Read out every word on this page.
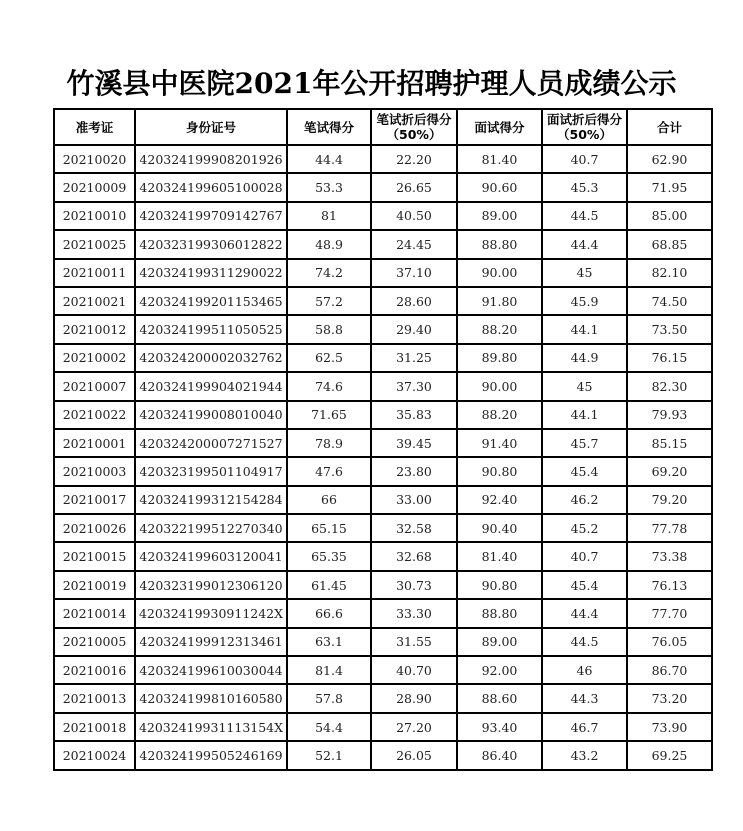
竹溪县中医院2021年公开招聘护理人员成绩公示
准考证	身份证号	笔试得分	笔试折后得分（50%）	面试得分	面试折后得分（50%）	合计
20210020	420324199908201926	44.4	22.20	81.40	40.7	62.90
20210009	420324199605100028	53.3	26.65	90.60	45.3	71.95
20210010	420324199709142767	81	40.50	89.00	44.5	85.00
20210025	420323199306012822	48.9	24.45	88.80	44.4	68.85
20210011	420324199311290022	74.2	37.10	90.00	45	82.10
20210021	420324199201153465	57.2	28.60	91.80	45.9	74.50
20210012	420324199511050525	58.8	29.40	88.20	44.1	73.50
20210002	420324200002032762	62.5	31.25	89.80	44.9	76.15
20210007	420324199904021944	74.6	37.30	90.00	45	82.30
20210022	420324199008010040	71.65	35.83	88.20	44.1	79.93
20210001	420324200007271527	78.9	39.45	91.40	45.7	85.15
20210003	420323199501104917	47.6	23.80	90.80	45.4	69.20
20210017	420324199312154284	66	33.00	92.40	46.2	79.20
20210026	420322199512270340	65.15	32.58	90.40	45.2	77.78
20210015	420324199603120041	65.35	32.68	81.40	40.7	73.38
20210019	420323199012306120	61.45	30.73	90.80	45.4	76.13
20210014	42032419930911242X	66.6	33.30	88.80	44.4	77.70
20210005	420324199912313461	63.1	31.55	89.00	44.5	76.05
20210016	420324199610030044	81.4	40.70	92.00	46	86.70
20210013	420324199810160580	57.8	28.90	88.60	44.3	73.20
20210018	42032419931113154X	54.4	27.20	93.40	46.7	73.90
20210024	420324199505246169	52.1	26.05	86.40	43.2	69.25
